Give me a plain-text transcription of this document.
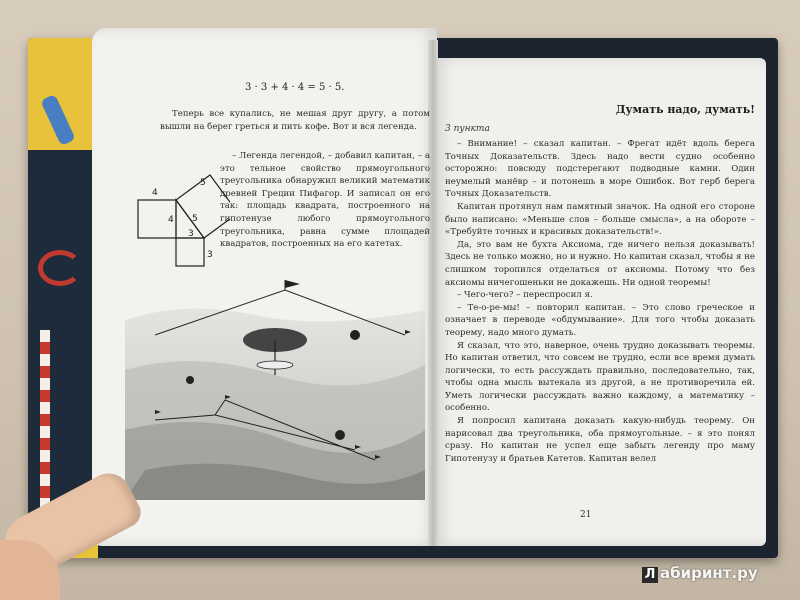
3 · 3 + 4 · 4 = 5 · 5.

Теперь все купались, не мешая друг другу, а потом вышли на берег греться и пить кофе. Вот и вся легенда.

– Легенда легендой, – добавил капитан, – а это тельное свойство прямоугольного треугольника обнаружил великий математик древней Греции Пифагор. И записал он его так: площадь квадрата, построенного на гипотенузе любого прямоугольного треугольника, равна сумме площадей квадратов, построенных на его катетах.

4
5
4 5
3
3
Думать надо, думать!
3 пункта

– Внимание! – сказал капитан. – Фрегат идёт вдоль берега Точных Доказательств. Здесь надо вести судно особенно осторожно: повсюду подстерегают подводные камни. Один неумелый манёвр – и потонешь в море Ошибок. Вот герб берега Точных Доказательств.

Капитан протянул нам памятный значок. На одной его стороне было написано: «Меньше слов – больше смысла», а на обороте – «Требуйте точных и красивых доказательств!».

Да, это вам не бухта Аксиома, где ничего нельзя доказывать! Здесь не только можно, но и нужно. Но капитан сказал, чтобы я не слишком торопился отделаться от аксиомы. Потому что без аксиомы ничегошеньки не докажешь. Ни одной теоремы!

– Чего-чего? – переспросил я.

– Те-о-ре-мы! – повторил капитан. – Это слово греческое и означает в переводе «обдумывание». Для того чтобы доказать теорему, надо много думать.

Я сказал, что это, наверное, очень трудно доказывать теоремы. Но капитан ответил, что совсем не трудно, если все время думать логически, то есть рассуждать правильно, последовательно, так, чтобы одна мысль вытекала из другой, а не противоречила ей. Уметь логически рассуждать важно каждому, а математику – особенно.

Я попросил капитана доказать какую-нибудь теорему. Он нарисовал два треугольника, оба прямоугольные. – я это понял сразу. Но капитан не успел еще забыть легенду про маму Гипотенузу и братьев Катетов. Капитан велел

21
Л абиринт.ру
